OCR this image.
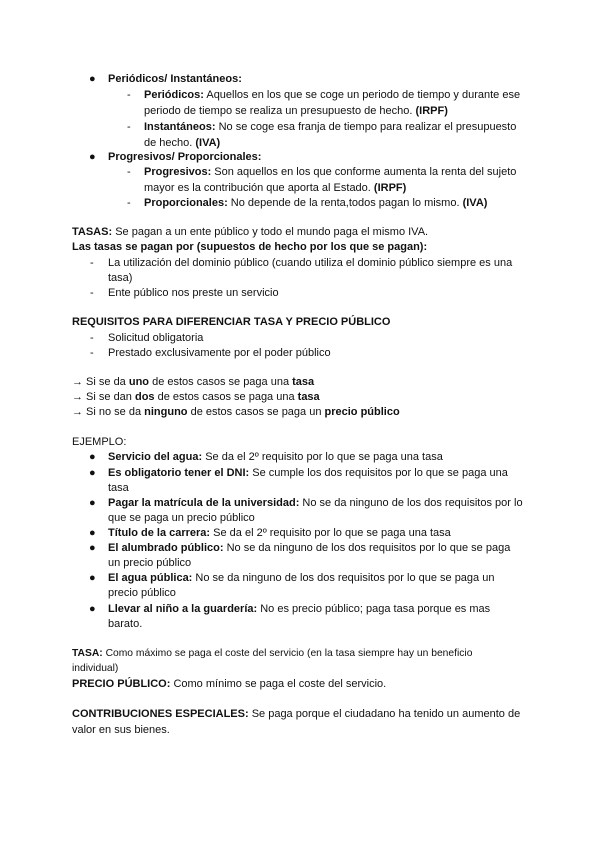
● Periódicos/ Instantáneos:
- Periódicos: Aquellos en los que se coge un periodo de tiempo y durante ese
periodo de tiempo se realiza un presupuesto de hecho. (IRPF)
- Instantáneos: No se coge esa franja de tiempo para realizar el presupuesto
de hecho. (IVA)
● Progresivos/ Proporcionales:
- Progresivos: Son aquellos en los que conforme aumenta la renta del sujeto
mayor es la contribución que aporta al Estado. (IRPF)
- Proporcionales: No depende de la renta,todos pagan lo mismo. (IVA)
TASAS: Se pagan a un ente público y todo el mundo paga el mismo IVA.
Las tasas se pagan por (supuestos de hecho por los que se pagan):
- La utilización del dominio público (cuando utiliza el dominio público siempre es una
tasa)
- Ente público nos preste un servicio
REQUISITOS PARA DIFERENCIAR TASA Y PRECIO PÚBLICO
- Solicitud obligatoria
- Prestado exclusivamente por el poder público
→ Si se da uno de estos casos se paga una tasa
→ Si se dan dos de estos casos se paga una tasa
→ Si no se da ninguno de estos casos se paga un precio público
EJEMPLO:
● Servicio del agua: Se da el 2º requisito por lo que se paga una tasa
● Es obligatorio tener el DNI: Se cumple los dos requisitos por lo que se paga una
tasa
● Pagar la matrícula de la universidad: No se da ninguno de los dos requisitos por lo
que se paga un precio público
● Título de la carrera: Se da el 2º requisito por lo que se paga una tasa
● El alumbrado público: No se da ninguno de los dos requisitos por lo que se paga
un precio público
● El agua pública: No se da ninguno de los dos requisitos por lo que se paga un
precio público
● Llevar al niño a la guardería: No es precio público; paga tasa porque es mas
barato.
TASA: Como máximo se paga el coste del servicio (en la tasa siempre hay un beneficio
individual)
PRECIO PÚBLICO: Como mínimo se paga el coste del servicio.
CONTRIBUCIONES ESPECIALES: Se paga porque el ciudadano ha tenido un aumento de
valor en sus bienes.
